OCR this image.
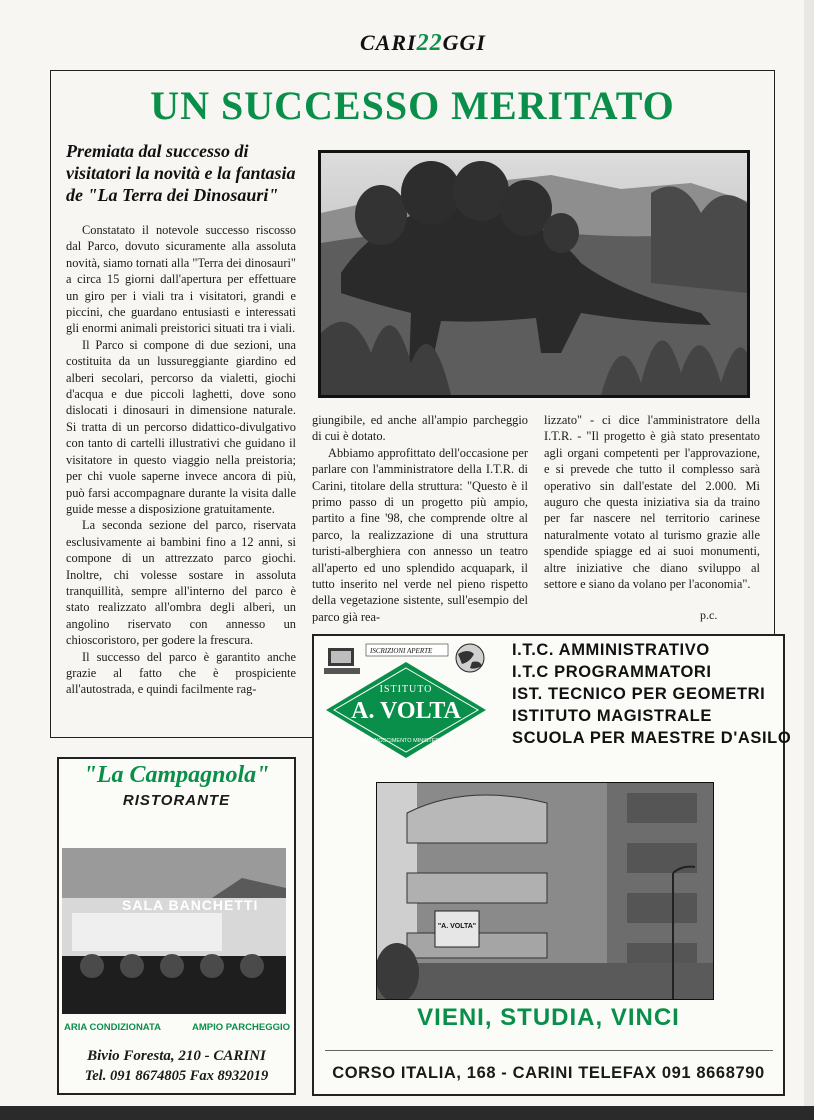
CARI22GGI
UN SUCCESSO MERITATO
Premiata dal successo di visitatori la novità e la fantasia de "La Terra dei Dinosauri"

Constatato il notevole successo riscosso dal Parco, dovuto sicuramente alla assoluta novità, siamo tornati alla "Terra dei dinosauri" a circa 15 giorni dall'apertura per effettuare un giro per i viali tra i visitatori, grandi e piccini, che guardano entusiasti e interessati gli enormi animali preistorici situati tra i viali.

Il Parco si compone di due sezioni, una costituita da un lussureggiante giardino ed alberi secolari, percorso da vialetti, giochi d'acqua e due piccoli laghetti, dove sono dislocati i dinosauri in dimensione naturale. Si tratta di un percorso didattico-divulgativo con tanto di cartelli illustrativi che guidano il visitatore in questo viaggio nella preistoria; per chi vuole saperne invece ancora di più, può farsi accompagnare durante la visita dalle guide messe a disposizione gratuitamente.

La seconda sezione del parco, riservata esclusivamente ai bambini fino a 12 anni, si compone di un attrezzato parco giochi. Inoltre, chi volesse sostare in assoluta tranquillità, sempre all'interno del parco è stato realizzato all'ombra degli alberi, un angolino riservato con annesso un chioscoristoro, per godere la frescura.

Il successo del parco è garantito anche grazie al fatto che è prospiciente all'autostrada, e quindi facilmente rag-

giungibile, ed anche all'ampio parcheggio di cui è dotato.

Abbiamo approfittato dell'occasione per parlare con l'amministratore della I.T.R. di Carini, titolare della struttura: "Questo è il primo passo di un progetto più ampio, partito a fine '98, che comprende oltre al parco, la realizzazione di una struttura turisti-alberghiera con annesso un teatro all'aperto ed uno splendido acquapark, il tutto inserito nel verde nel pieno rispetto della vegetazione sistente, sull'esempio del parco già rea-

lizzato" - ci dice l'amministratore della I.T.R. - "Il progetto è già stato presentato agli organi competenti per l'approvazione, e si prevede che tutto il complesso sarà operativo sin dall'estate del 2.000. Mi auguro che questa iniziativa sia da traino per far nascere nel territorio carinese naturalmente votato al turismo grazie alle spendide spiagge ed ai suoi monumenti, altre iniziative che diano sviluppo al settore e siano da volano per l'aconomia".

p.c.
"La Campagnola"
RISTORANTE
SALA BANCHETTI
ARIA CONDIZIONATA	AMPIO PARCHEGGIO
Bivio Foresta, 210 - CARINI
Tel. 091 8674805 Fax 8932019
ISCRIZIONI APERTE
ISTITUTO
A. VOLTA
RICONOSCIMENTO MINISTERIALE
I.T.C. AMMINISTRATIVO
I.T.C PROGRAMMATORI
IST. TECNICO PER GEOMETRI
ISTITUTO MAGISTRALE
SCUOLA PER MAESTRE D'ASILO
"A. VOLTA"
VIENI, STUDIA, VINCI
CORSO ITALIA, 168 - CARINI TELEFAX 091 8668790
